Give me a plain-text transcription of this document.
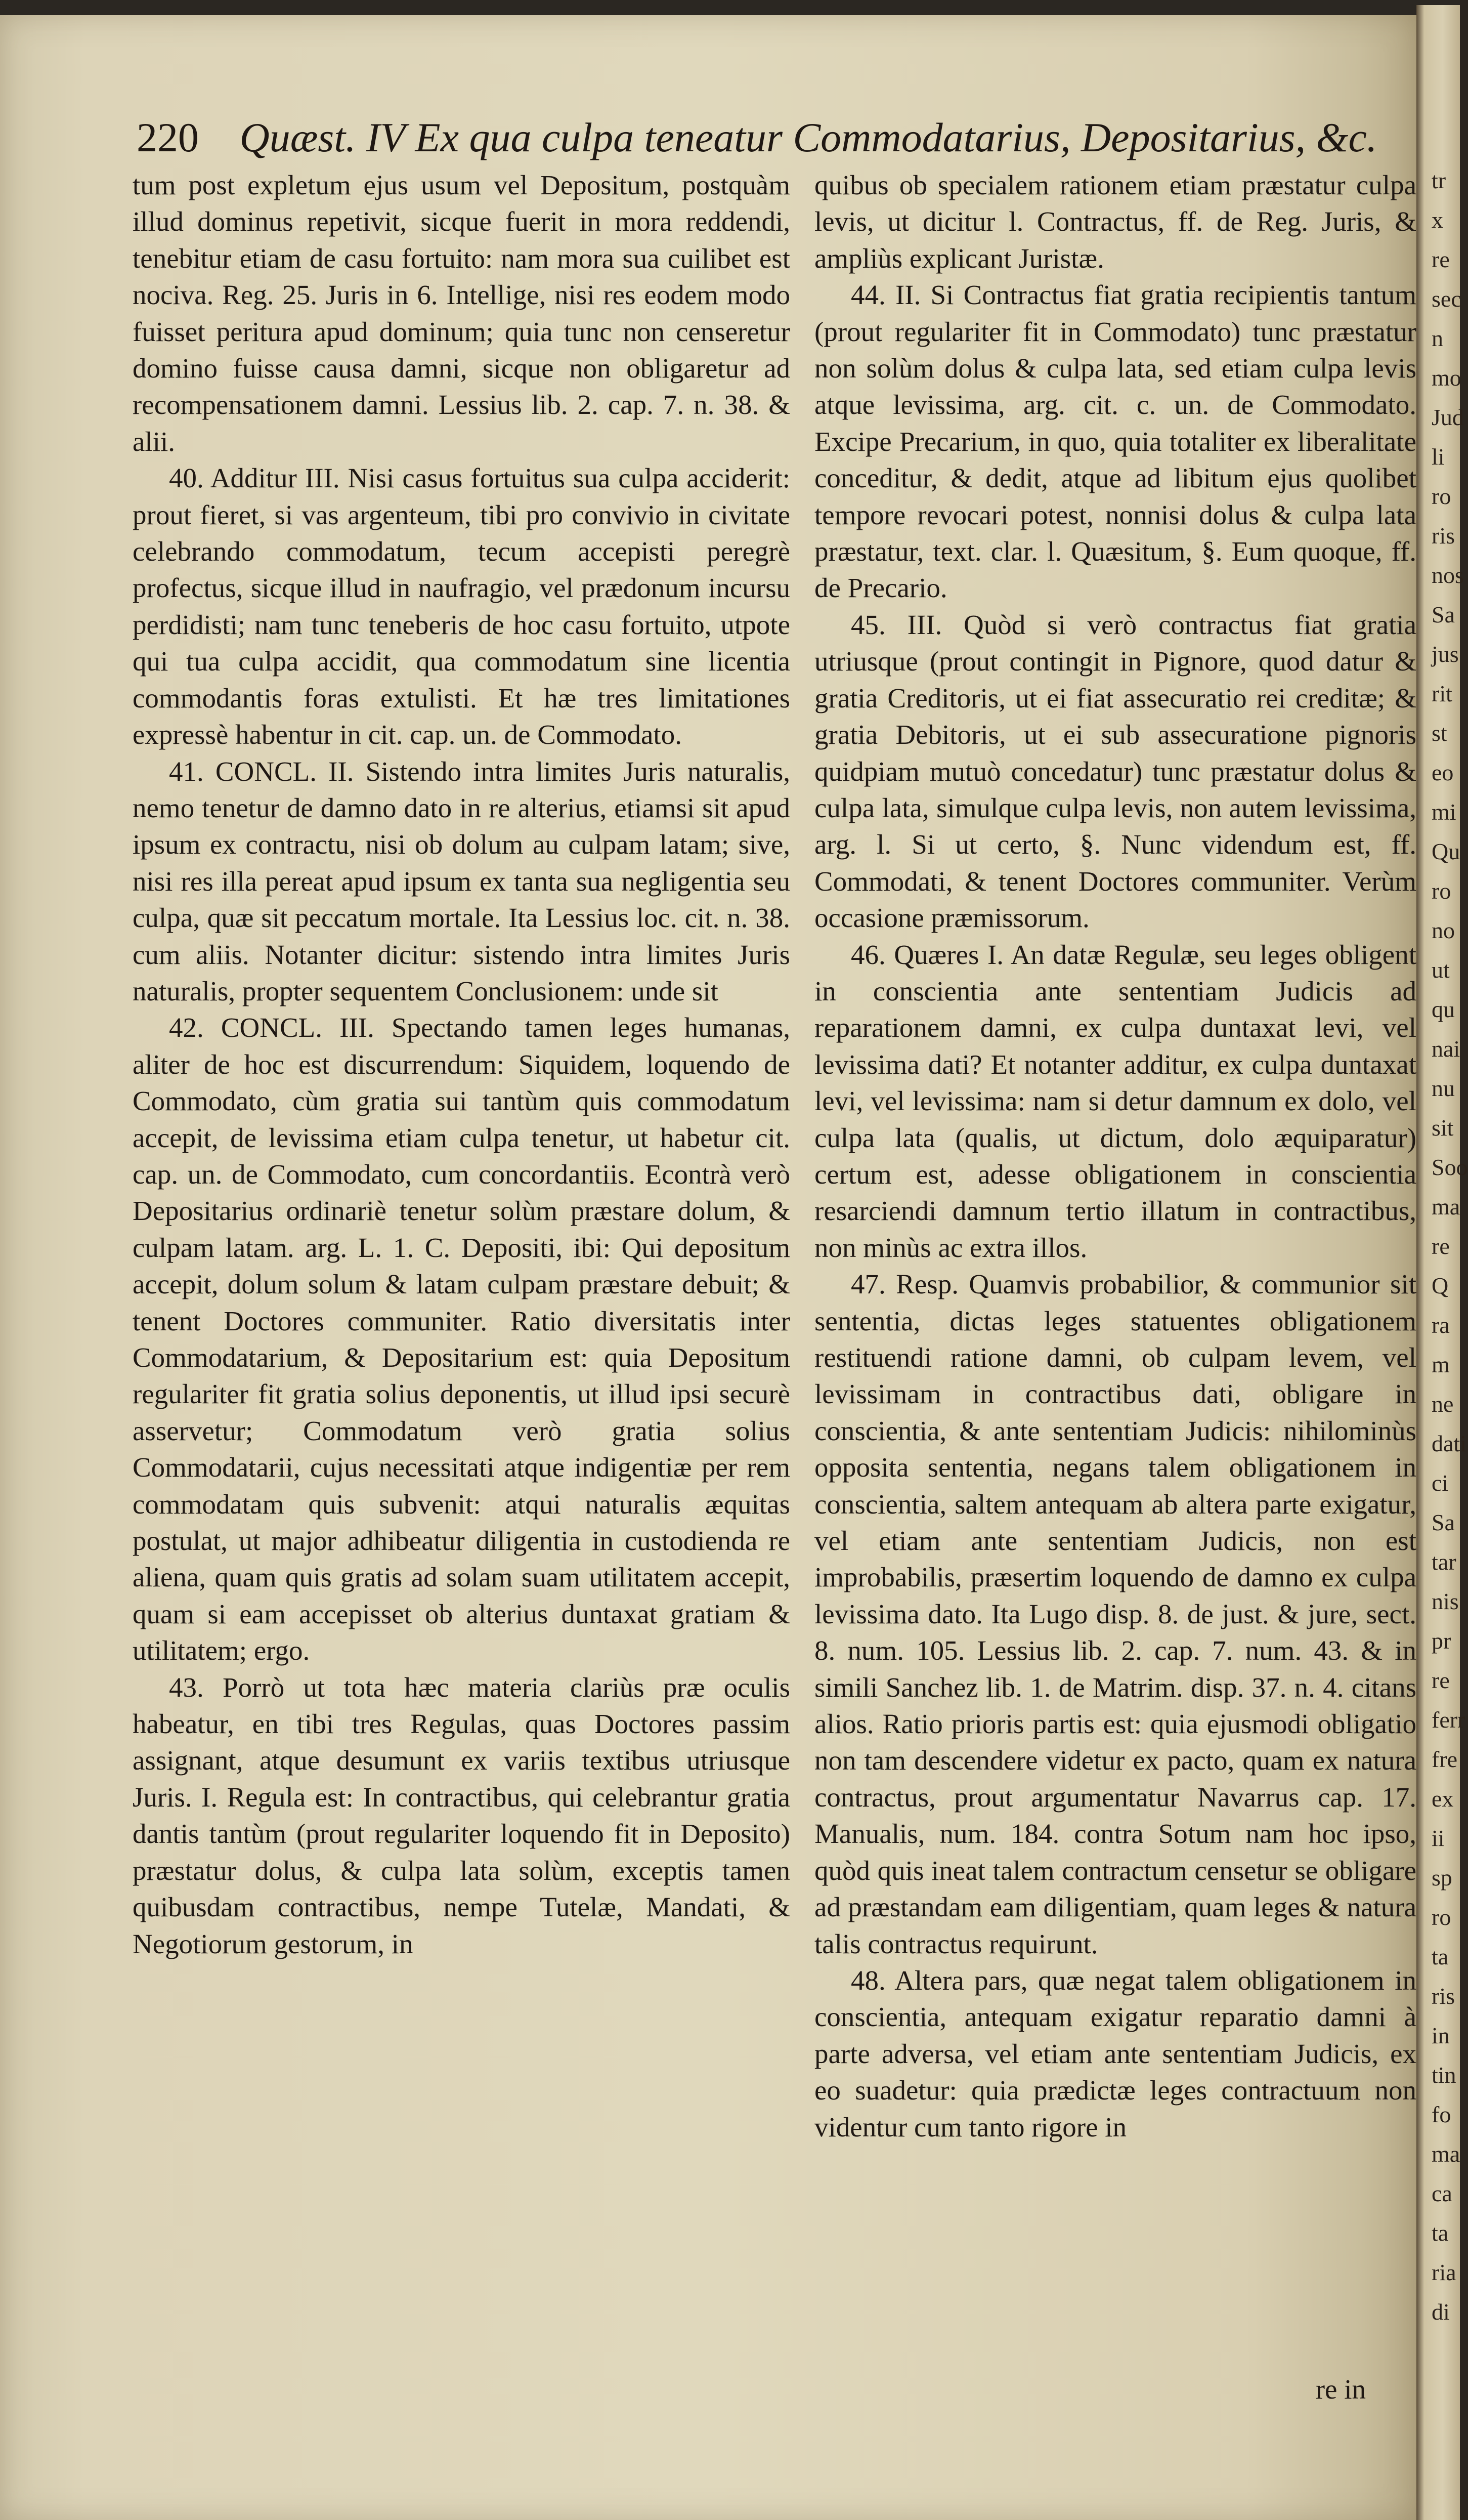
220 Quæst. IV Ex qua culpa teneatur Commodatarius, Depositarius, &c.

tum post expletum ejus usum vel Depositum, postquàm illud dominus repetivit, sicque fuerit in mora reddendi, tenebitur etiam de casu fortuito: nam mora sua cuilibet est nociva. Reg. 25. Juris in 6. Intellige, nisi res eodem modo fuisset peritura apud dominum; quia tunc non censeretur domino fuisse causa damni, sicque non obligaretur ad recompensationem damni. Lessius lib. 2. cap. 7. n. 38. & alii.

40. Additur III. Nisi casus fortuitus sua culpa acciderit: prout fieret, si vas argenteum, tibi pro convivio in civitate celebrando commodatum, tecum accepisti peregrè profectus, sicque illud in naufragio, vel prædonum incursu perdidisti; nam tunc teneberis de hoc casu fortuito, utpote qui tua culpa accidit, qua commodatum sine licentia commodantis foras extulisti. Et hæ tres limitationes expressè habentur in cit. cap. un. de Commodato.

41. CONCL. II. Sistendo intra limites Juris naturalis, nemo tenetur de damno dato in re alterius, etiamsi sit apud ipsum ex contractu, nisi ob dolum au culpam latam; sive, nisi res illa pereat apud ipsum ex tanta sua negligentia seu culpa, quæ sit peccatum mortale. Ita Lessius loc. cit. n. 38. cum aliis. Notanter dicitur: sistendo intra limites Juris naturalis, propter sequentem Conclusionem: unde sit

42. CONCL. III. Spectando tamen leges humanas, aliter de hoc est discurrendum: Siquidem, loquendo de Commodato, cùm gratia sui tantùm quis commodatum accepit, de levissima etiam culpa tenetur, ut habetur cit. cap. un. de Commodato, cum concordantiis. Econtrà verò Depositarius ordinariè tenetur solùm præstare dolum, & culpam latam. arg. L. 1. C. Depositi, ibi: Qui depositum accepit, dolum solum & latam culpam præstare debuit; & tenent Doctores communiter. Ratio diversitatis inter Commodatarium, & Depositarium est: quia Depositum regulariter fit gratia solius deponentis, ut illud ipsi securè asservetur; Commodatum verò gratia solius Commodatarii, cujus necessitati atque indigentiæ per rem commodatam quis subvenit: atqui naturalis æquitas postulat, ut major adhibeatur diligentia in custodienda re aliena, quam quis gratis ad solam suam utilitatem accepit, quam si eam accepisset ob alterius duntaxat gratiam & utilitatem; ergo.

43. Porrò ut tota hæc materia clariùs præ oculis habeatur, en tibi tres Regulas, quas Doctores passim assignant, atque desumunt ex variis textibus utriusque Juris. I. Regula est: In contractibus, qui celebrantur gratia dantis tantùm (prout regulariter loquendo fit in Deposito) præstatur dolus, & culpa lata solùm, exceptis tamen quibusdam contractibus, nempe Tutelæ, Mandati, & Negotiorum gestorum, in

quibus ob specialem rationem etiam præstatur culpa levis, ut dicitur l. Contractus, ff. de Reg. Juris, & ampliùs explicant Juristæ.

44. II. Si Contractus fiat gratia recipientis tantum (prout regulariter fit in Commodato) tunc præstatur non solùm dolus & culpa lata, sed etiam culpa levis atque levissima, arg. cit. c. un. de Commodato. Excipe Precarium, in quo, quia totaliter ex liberalitate conceditur, & dedit, atque ad libitum ejus quolibet tempore revocari potest, nonnisi dolus & culpa lata præstatur, text. clar. l. Quæsitum, §. Eum quoque, ff. de Precario.

45. III. Quòd si verò contractus fiat gratia utriusque (prout contingit in Pignore, quod datur & gratia Creditoris, ut ei fiat assecuratio rei creditæ; & gratia Debitoris, ut ei sub assecuratione pignoris quidpiam mutuò concedatur) tunc præstatur dolus & culpa lata, simulque culpa levis, non autem levissima, arg. l. Si ut certo, §. Nunc videndum est, ff. Commodati, & tenent Doctores communiter. Verùm occasione præmissorum.

46. Quæres I. An datæ Regulæ, seu leges obligent in conscientia ante sententiam Judicis ad reparationem damni, ex culpa duntaxat levi, vel levissima dati? Et notanter additur, ex culpa duntaxat levi, vel levissima: nam si detur damnum ex dolo, vel culpa lata (qualis, ut dictum, dolo æquiparatur) certum est, adesse obligationem in conscientia resarciendi damnum tertio illatum in contractibus, non minùs ac extra illos.

47. Resp. Quamvis probabilior, & communior sit sententia, dictas leges statuentes obligationem restituendi ratione damni, ob culpam levem, vel levissimam in contractibus dati, obligare in conscientia, & ante sententiam Judicis: nihilominùs opposita sententia, negans talem obligationem in conscientia, saltem antequam ab altera parte exigatur, vel etiam ante sententiam Judicis, non est improbabilis, præsertim loquendo de damno ex culpa levissima dato. Ita Lugo disp. 8. de just. & jure, sect. 8. num. 105. Lessius lib. 2. cap. 7. num. 43. & in simili Sanchez lib. 1. de Matrim. disp. 37. n. 4. citans alios. Ratio prioris partis est: quia ejusmodi obligatio non tam descendere videtur ex pacto, quam ex natura contractus, prout argumentatur Navarrus cap. 17. Manualis, num. 184. contra Sotum nam hoc ipso, quòd quis ineat talem contractum censetur se obligare ad præstandam eam diligentiam, quam leges & natura talis contractus requirunt.

48. Altera pars, quæ negat talem obligationem in conscientia, antequam exigatur reparatio damni à parte adversa, vel etiam ante sententiam Judicis, ex eo suadetur: quia prædictæ leges contractuum non videntur cum tanto rigore in

re in
tr
x
re
sec
n
mo
Jud
li
ro
ris
nos
Sa
jus
rit
st
eo
mi
Qu
ro
no
ut
qu
nai
nu
sit
Soo
ma
re
Q
ra
m
ne
dati
ci
Sa
tar
nis
pr
re
ferr
fre
ex
ii
sp
ro
ta
ris
in
tin
fo
ma
ca
ta
ria
di
